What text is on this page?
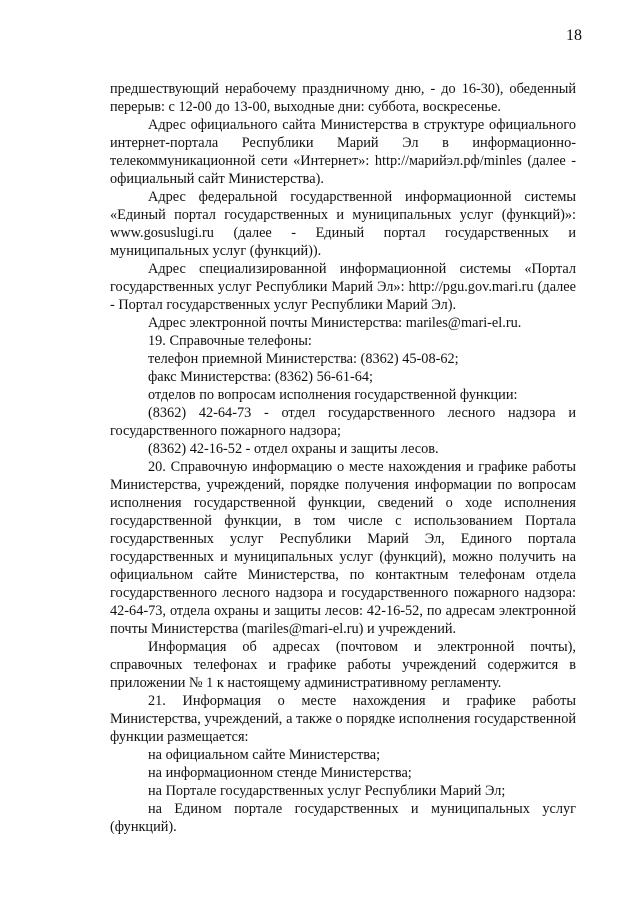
18

предшествующий нерабочему праздничному дню, - до 16-30), обеденный перерыв: с 12-00 до 13-00, выходные дни: суббота, воскресенье.

Адрес официального сайта Министерства в структуре официального интернет-портала Республики Марий Эл в информационно-телекоммуникационной сети «Интернет»: http://марийэл.рф/minles (далее - официальный сайт Министерства).

Адрес федеральной государственной информационной системы «Единый портал государственных и муниципальных услуг (функций)»: www.gosuslugi.ru (далее - Единый портал государственных и муниципальных услуг (функций)).

Адрес специализированной информационной системы «Портал государственных услуг Республики Марий Эл»: http://pgu.gov.mari.ru (далее - Портал государственных услуг Республики Марий Эл).

Адрес электронной почты Министерства: mariles@mari-el.ru.

19. Справочные телефоны:

телефон приемной Министерства: (8362) 45-08-62;

факс Министерства: (8362) 56-61-64;

отделов по вопросам исполнения государственной функции:

(8362) 42-64-73 - отдел государственного лесного надзора и государственного пожарного надзора;

(8362) 42-16-52 - отдел охраны и защиты лесов.

20. Справочную информацию о месте нахождения и графике работы Министерства, учреждений, порядке получения информации по вопросам исполнения государственной функции, сведений о ходе исполнения государственной функции, в том числе с использованием Портала государственных услуг Республики Марий Эл, Единого портала государственных и муниципальных услуг (функций), можно получить на официальном сайте Министерства, по контактным телефонам отдела государственного лесного надзора и государственного пожарного надзора: 42-64-73, отдела охраны и защиты лесов: 42-16-52, по адресам электронной почты Министерства (mariles@mari-el.ru) и учреждений.

Информация об адресах (почтовом и электронной почты), справочных телефонах и графике работы учреждений содержится в приложении № 1 к настоящему административному регламенту.

21. Информация о месте нахождения и графике работы Министерства, учреждений, а также о порядке исполнения государственной функции размещается:

на официальном сайте Министерства;

на информационном стенде Министерства;

на Портале государственных услуг Республики Марий Эл;

на Едином портале государственных и муниципальных услуг (функций).
